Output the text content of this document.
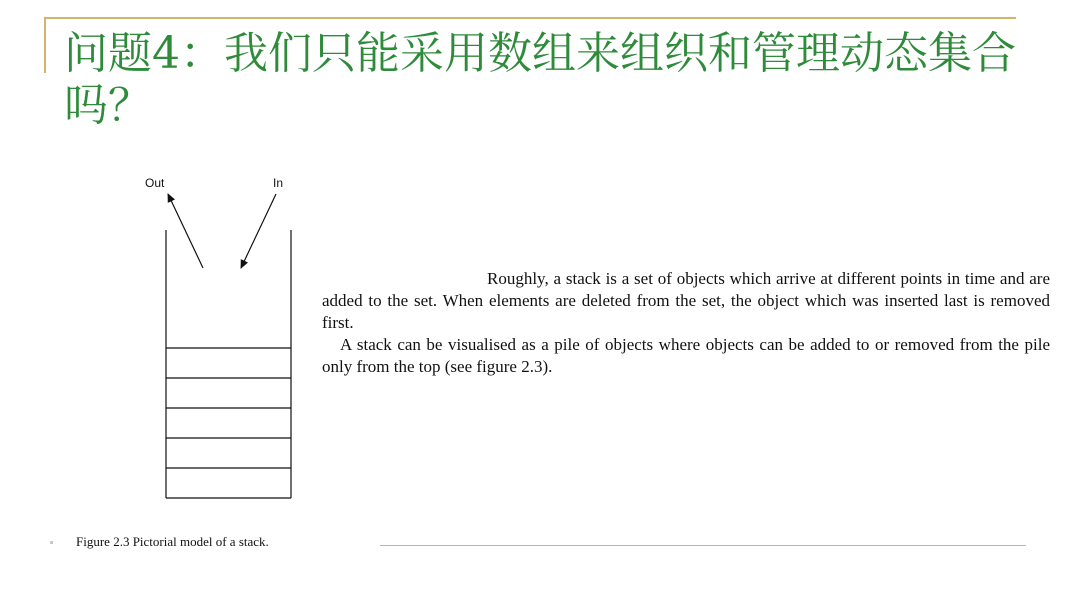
问题4：我们只能采用数组来组织和管理动态集合吗？
Out	In

Roughly, a stack is a set of objects which arrive at different points in time and are added to the set. When elements are deleted from the set, the object which was inserted last is removed first.

A stack can be visualised as a pile of objects where objects can be added to or removed from the pile only from the top (see figure 2.3).

Figure 2.3 Pictorial model of a stack.
